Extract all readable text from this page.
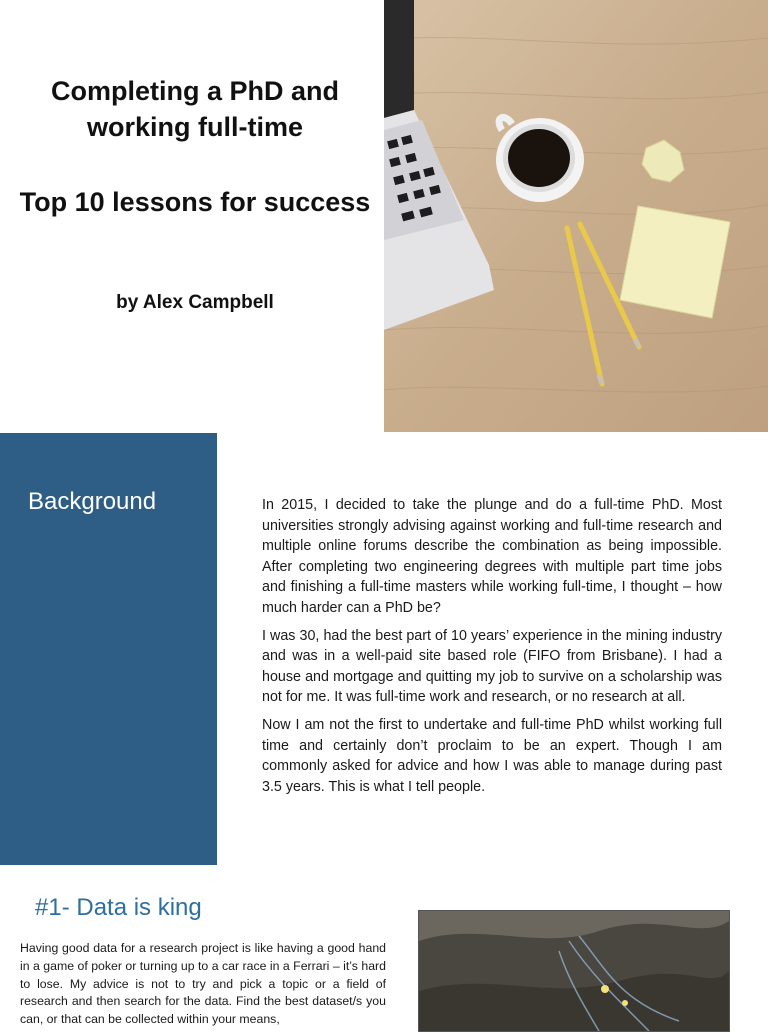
Completing a PhD and working full-time
Top 10 lessons for success
by Alex Campbell
Background	In 2015, I decided to take the plunge and do a full-time PhD. Most universities strongly advising against working and full-time research and multiple online forums describe the combination as being impossible. After completing two engineering degrees with multiple part time jobs and finishing a full-time masters while working full-time, I thought – how much harder can a PhD be?

I was 30, had the best part of 10 years’ experience in the mining industry and was in a well-paid site based role (FIFO from Brisbane). I had a house and mortgage and quitting my job to survive on a scholarship was not for me. It was full-time work and research, or no research at all.

Now I am not the first to undertake and full-time PhD whilst working full time and certainly don’t proclaim to be an expert. Though I am commonly asked for advice and how I was able to manage during past 3.5 years. This is what I tell people.

#1- Data is king

Having good data for a research project is like having a good hand in a game of poker or turning up to a car race in a Ferrari – it’s hard to lose. My advice is not to try and pick a topic or a field of research and then search for the data. Find the best dataset/s you can, or that can be collected within your means,
